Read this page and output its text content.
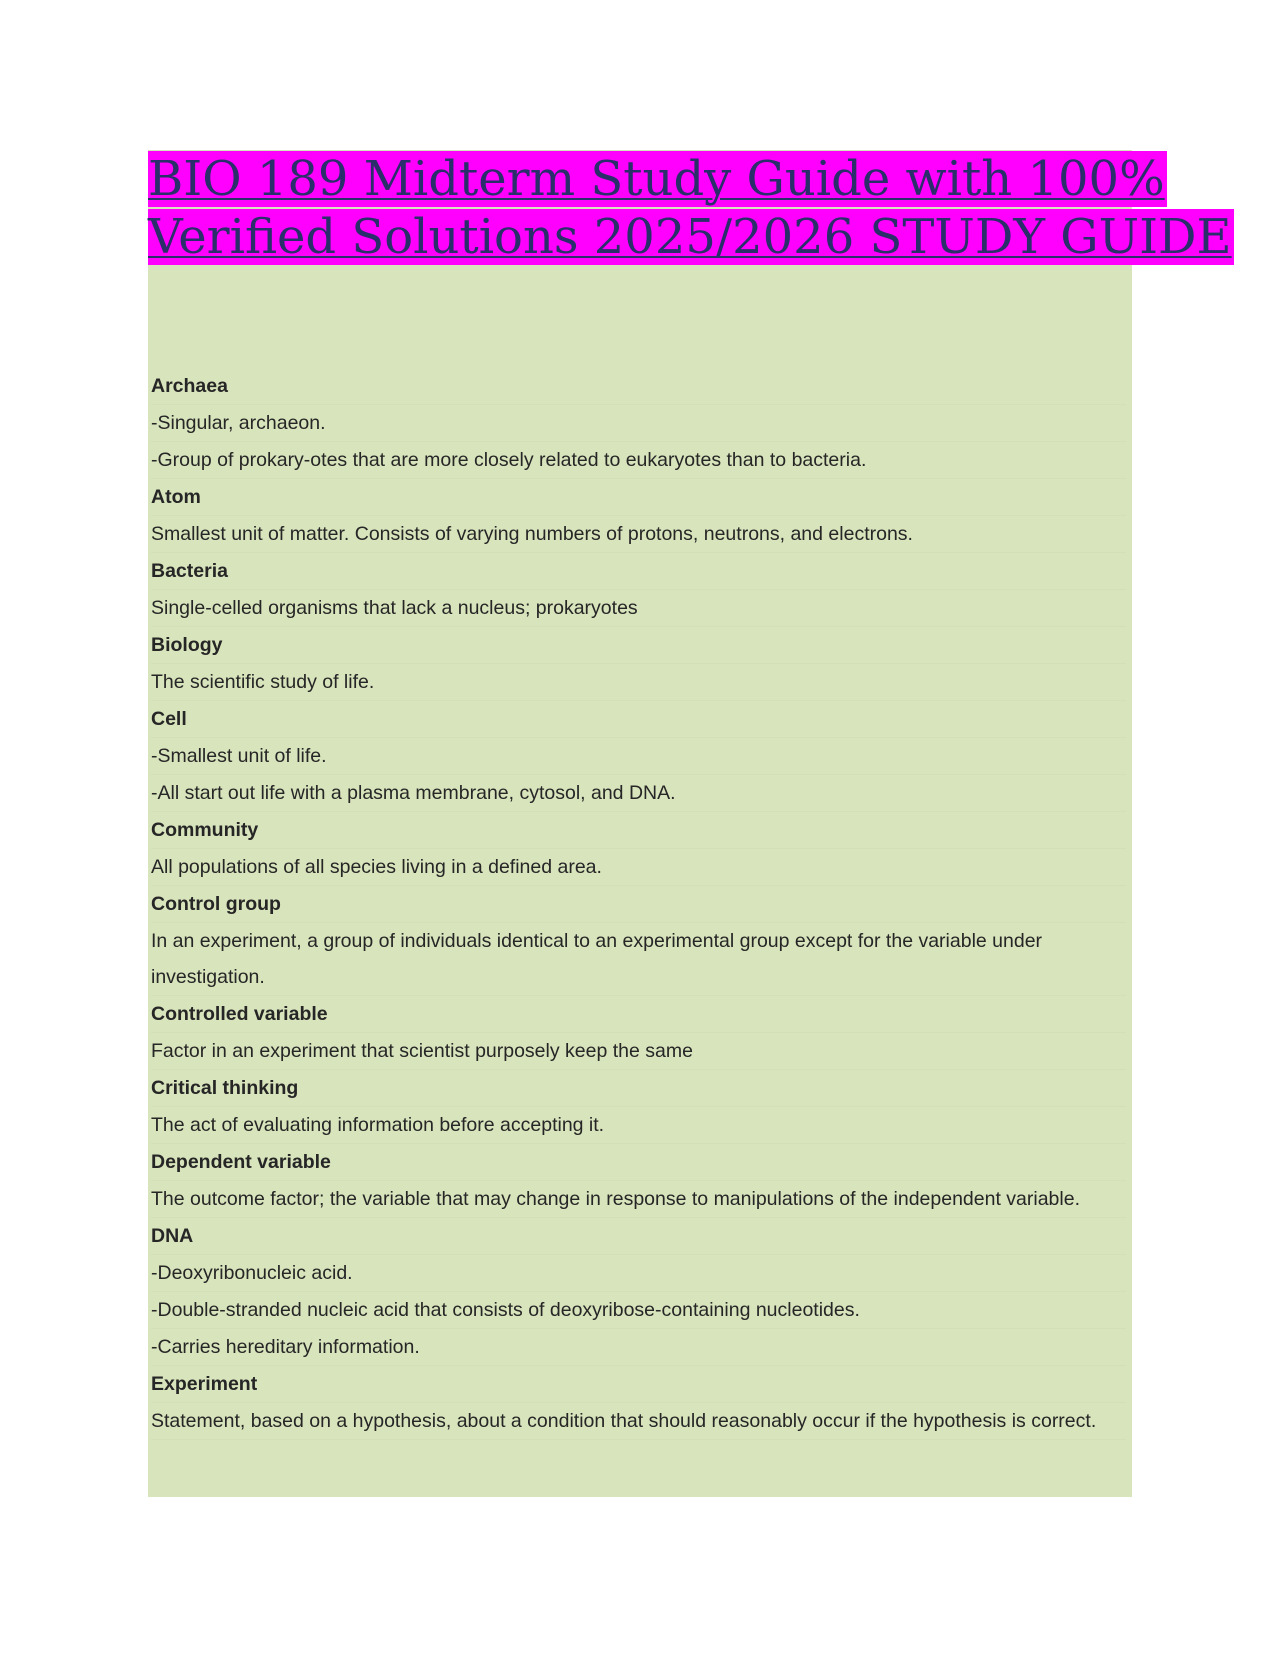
BIO 189 Midterm Study Guide with 100%
Verified Solutions 2025/2026 STUDY GUIDE
Archaea
-Singular, archaeon.
-Group of prokary-otes that are more closely related to eukaryotes than to bacteria.
Atom
Smallest unit of matter. Consists of varying numbers of protons, neutrons, and electrons.
Bacteria
Single-celled organisms that lack a nucleus; prokaryotes
Biology
The scientific study of life.
Cell
-Smallest unit of life.
-All start out life with a plasma membrane, cytosol, and DNA.
Community
All populations of all species living in a defined area.
Control group
In an experiment, a group of individuals identical to an experimental group except for the variable under investigation.
Controlled variable
Factor in an experiment that scientist purposely keep the same
Critical thinking
The act of evaluating information before accepting it.
Dependent variable
The outcome factor; the variable that may change in response to manipulations of the independent variable.
DNA
-Deoxyribonucleic acid.
-Double-stranded nucleic acid that consists of deoxyribose-containing nucleotides.
-Carries hereditary information.
Experiment
Statement, based on a hypothesis, about a condition that should reasonably occur if the hypothesis is correct.
